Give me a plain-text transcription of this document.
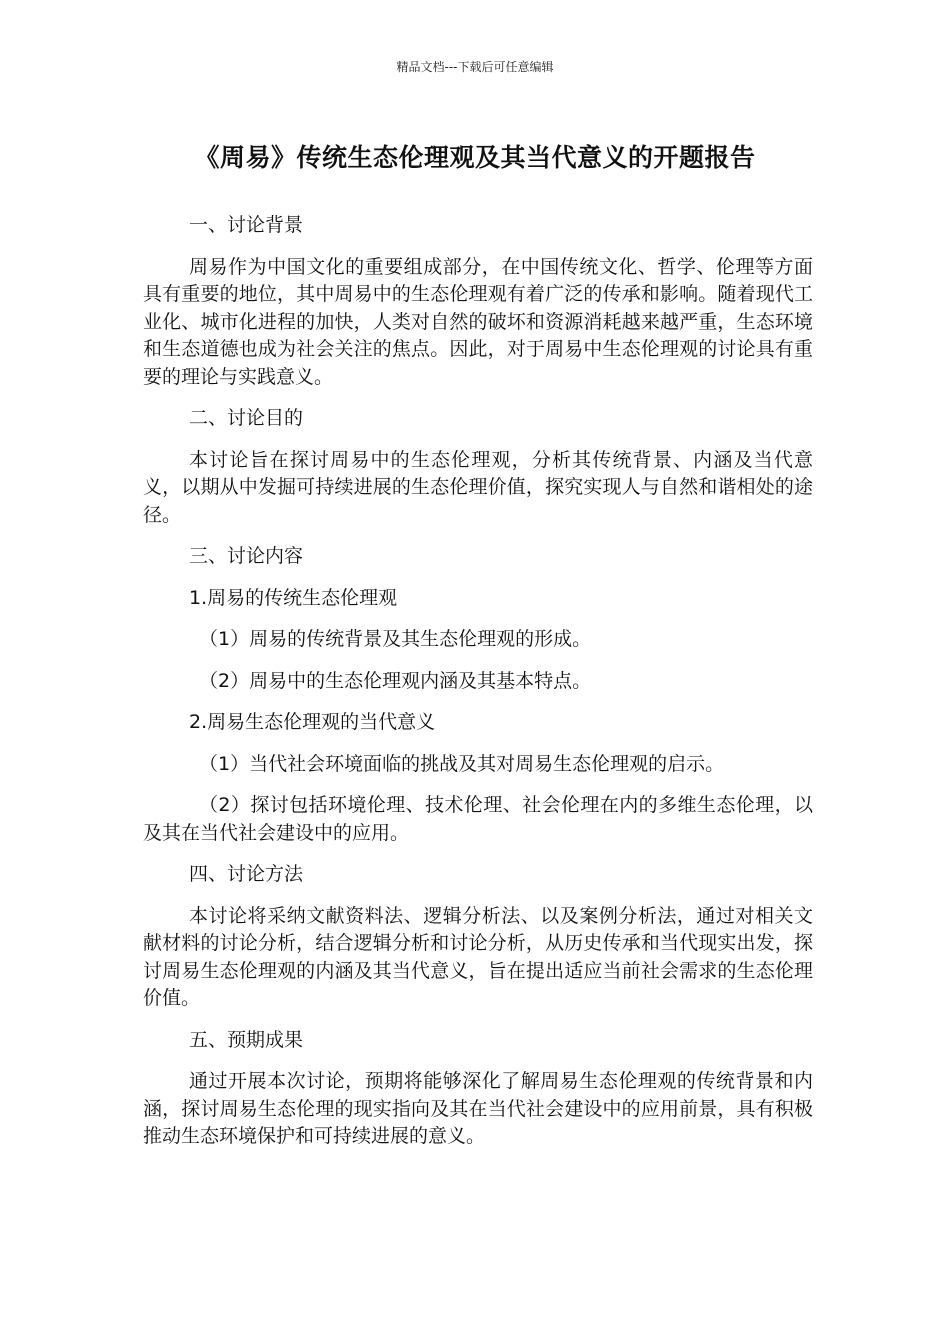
精品文档---下载后可任意编辑
《周易》传统生态伦理观及其当代意义的开题报告

一、讨论背景

周易作为中国文化的重要组成部分，在中国传统文化、哲学、伦理等方面具有重要的地位，其中周易中的生态伦理观有着广泛的传承和影响。随着现代工业化、城市化进程的加快，人类对自然的破坏和资源消耗越来越严重，生态环境和生态道德也成为社会关注的焦点。因此，对于周易中生态伦理观的讨论具有重要的理论与实践意义。

二、讨论目的

本讨论旨在探讨周易中的生态伦理观，分析其传统背景、内涵及当代意义，以期从中发掘可持续进展的生态伦理价值，探究实现人与自然和谐相处的途径。

三、讨论内容

1.周易的传统生态伦理观

（1）周易的传统背景及其生态伦理观的形成。

（2）周易中的生态伦理观内涵及其基本特点。

2.周易生态伦理观的当代意义

（1）当代社会环境面临的挑战及其对周易生态伦理观的启示。

（2）探讨包括环境伦理、技术伦理、社会伦理在内的多维生态伦理，以及其在当代社会建设中的应用。

四、讨论方法

本讨论将采纳文献资料法、逻辑分析法、以及案例分析法，通过对相关文献材料的讨论分析，结合逻辑分析和讨论分析，从历史传承和当代现实出发，探讨周易生态伦理观的内涵及其当代意义，旨在提出适应当前社会需求的生态伦理价值。

五、预期成果

通过开展本次讨论，预期将能够深化了解周易生态伦理观的传统背景和内涵，探讨周易生态伦理的现实指向及其在当代社会建设中的应用前景，具有积极推动生态环境保护和可持续进展的意义。
